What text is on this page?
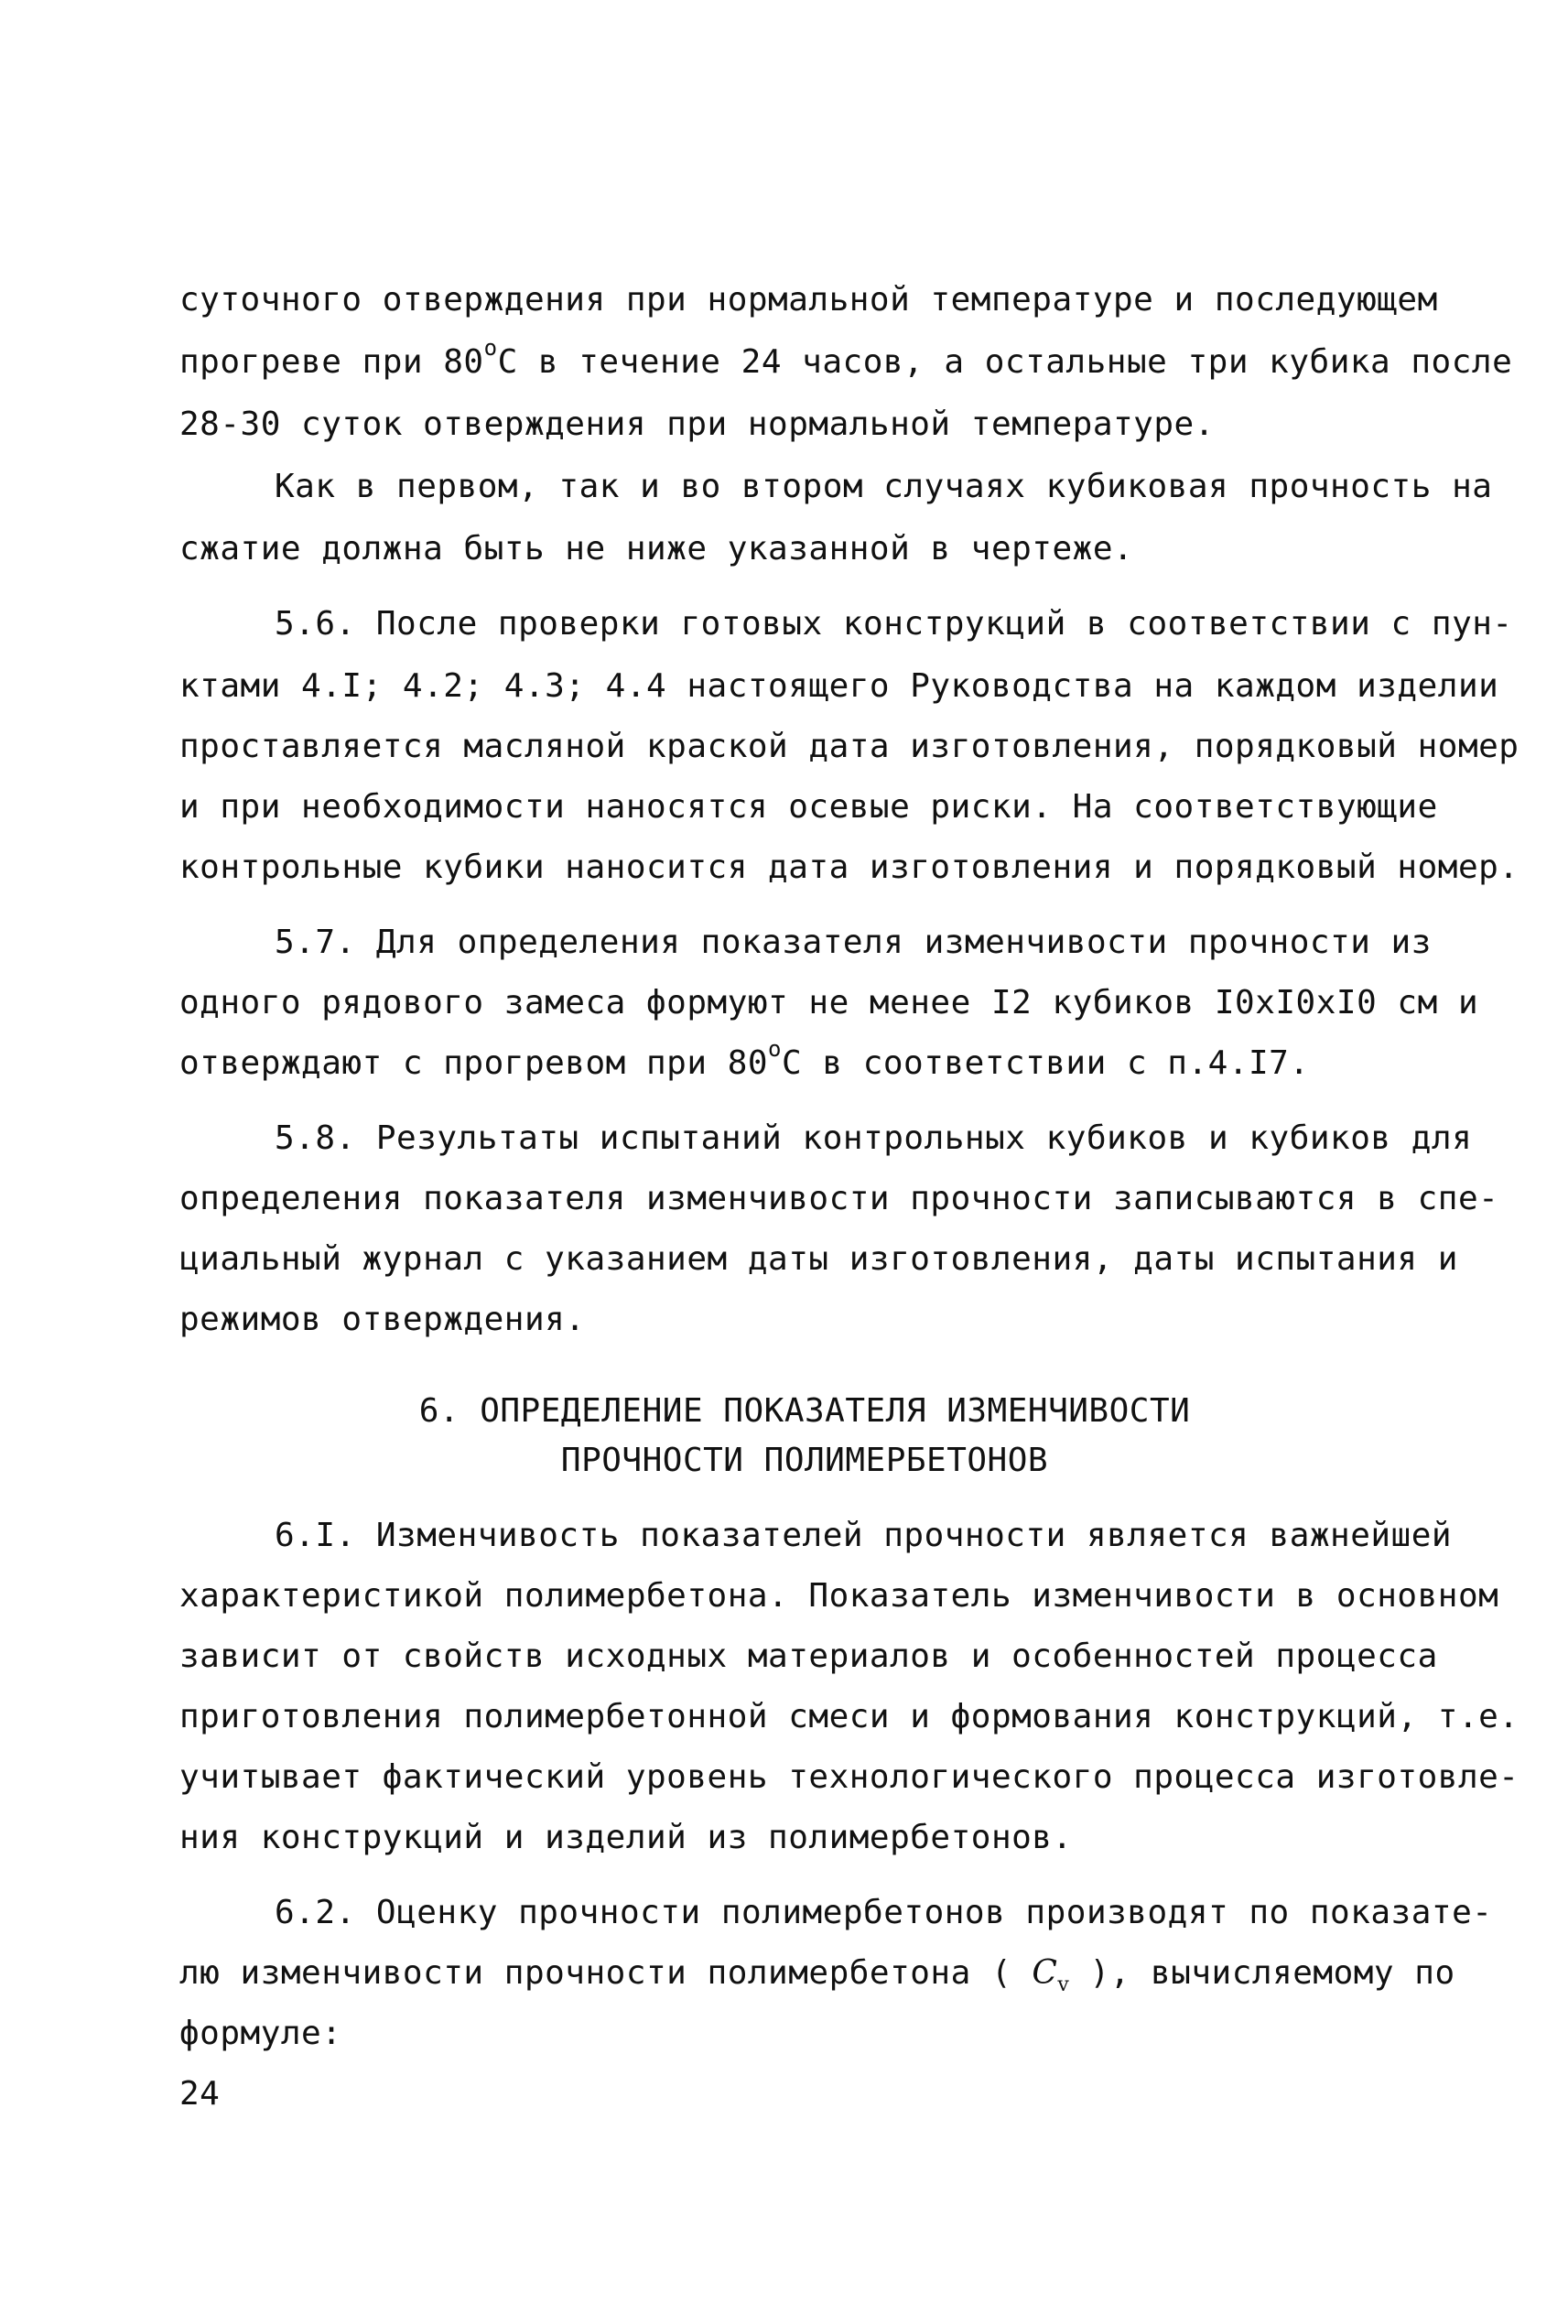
суточного отверждения при нормальной температуре и последующем
прогреве при $80^оС$ в течение 24 часов, а остальные три кубика после
28-30 суток отверждения при нормальной температуре.
Как в первом, так и во втором случаях кубиковая прочность на
сжатие должна быть не ниже указанной в чертеже.
5.6. После проверки готовых конструкций в соответствии с пун-
ктами 4.I; 4.2; 4.3; 4.4 настоящего Руководства на каждом изделии
проставляется масляной краской дата изготовления, порядковый номер
и при необходимости наносятся осевые риски. На соответствующие
контрольные кубики наносится дата изготовления и порядковый номер.
5.7. Для определения показателя изменчивости прочности из
одного рядового замеса формуют не менее I2 кубиков I0xI0xI0 см и
отверждают с прогревом при $80^оС$ в соответствии с п.4.I7.
5.8. Результаты испытаний контрольных кубиков и кубиков для
определения показателя изменчивости прочности записываются в спе-
циальный журнал с указанием даты изготовления, даты испытания и
режимов отверждения.
6. ОПРЕДЕЛЕНИЕ ПОКАЗАТЕЛЯ ИЗМЕНЧИВОСТИ
ПРОЧНОСТИ ПОЛИМЕРБЕТОНОВ
6.I. Изменчивость показателей прочности является важнейшей
характеристикой полимербетона. Показатель изменчивости в основном
зависит от свойств исходных материалов и особенностей процесса
приготовления полимербетонной смеси и формования конструкций, т.е.
учитывает фактический уровень технологического процесса изготовле-
ния конструкций и изделий из полимербетонов.
6.2. Оценку прочности полимербетонов производят по показате-
лю изменчивости прочности полимербетона ( $C_v$ ), вычисляемому по
формуле:
24
